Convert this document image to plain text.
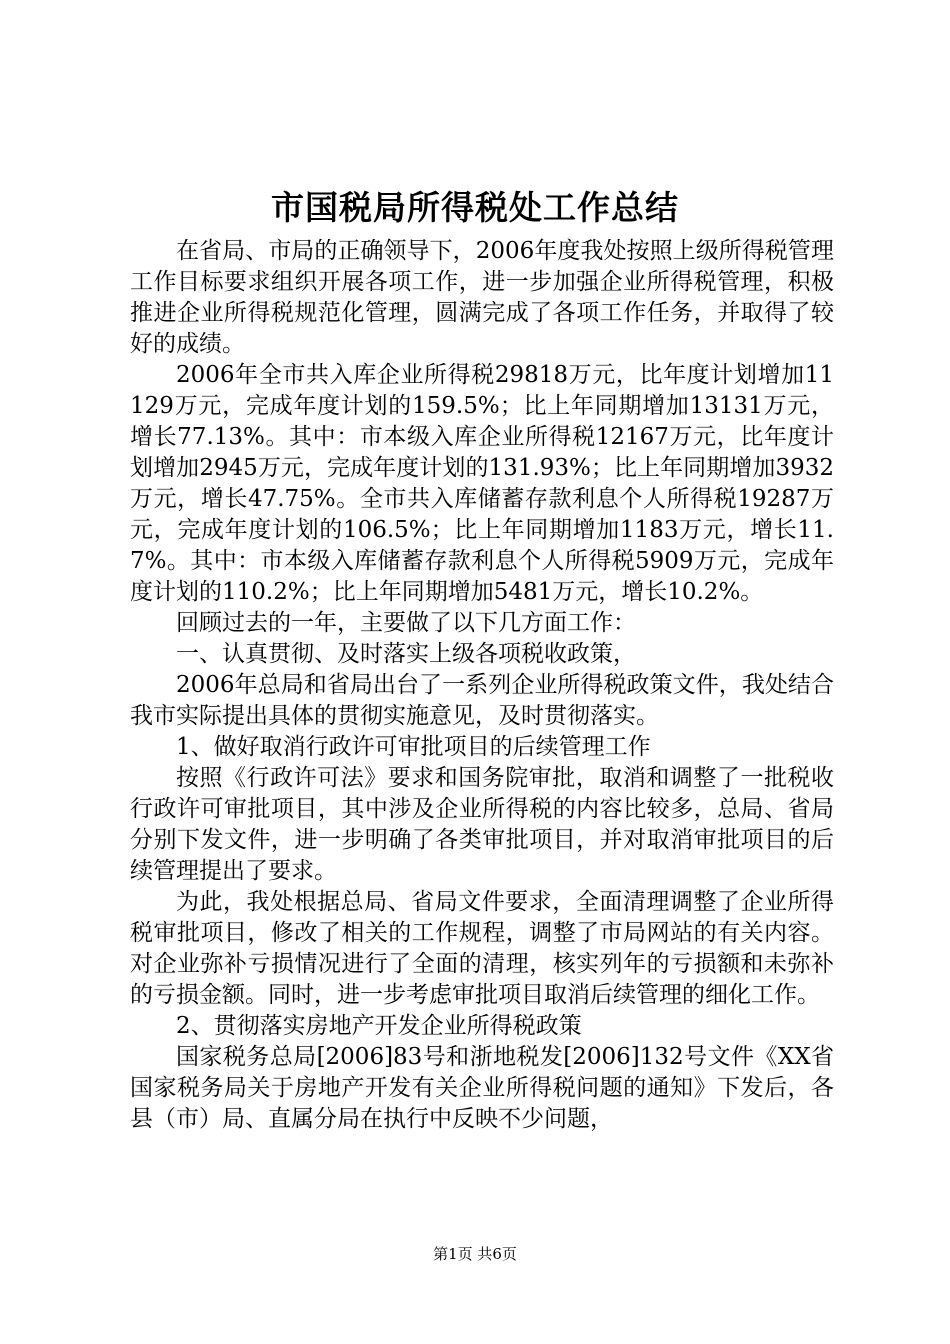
市国税局所得税处工作总结

在省局、市局的正确领导下，2006年度我处按照上级所得税管理工作目标要求组织开展各项工作，进一步加强企业所得税管理，积极推进企业所得税规范化管理，圆满完成了各项工作任务，并取得了较好的成绩。

2006年全市共入库企业所得税29818万元，比年度计划增加11129万元，完成年度计划的159.5%；比上年同期增加13131万元，增长77.13%。其中：市本级入库企业所得税12167万元，比年度计划增加2945万元，完成年度计划的131.93%；比上年同期增加3932万元，增长47.75%。全市共入库储蓄存款利息个人所得税19287万元，完成年度计划的106.5%；比上年同期增加1183万元，增长11.7%。其中：市本级入库储蓄存款利息个人所得税5909万元，完成年度计划的110.2%；比上年同期增加5481万元，增长10.2%。

回顾过去的一年，主要做了以下几方面工作：

一、认真贯彻、及时落实上级各项税收政策，

2006年总局和省局出台了一系列企业所得税政策文件，我处结合我市实际提出具体的贯彻实施意见，及时贯彻落实。

1、做好取消行政许可审批项目的后续管理工作

按照《行政许可法》要求和国务院审批，取消和调整了一批税收行政许可审批项目，其中涉及企业所得税的内容比较多，总局、省局分别下发文件，进一步明确了各类审批项目，并对取消审批项目的后续管理提出了要求。

为此，我处根据总局、省局文件要求，全面清理调整了企业所得税审批项目，修改了相关的工作规程，调整了市局网站的有关内容。对企业弥补亏损情况进行了全面的清理，核实列年的亏损额和未弥补的亏损金额。同时，进一步考虑审批项目取消后续管理的细化工作。

2、贯彻落实房地产开发企业所得税政策

国家税务总局[2006]83号和浙地税发[2006]132号文件《XX省国家税务局关于房地产开发有关企业所得税问题的通知》下发后，各县（市）局、直属分局在执行中反映不少问题，

第1页 共6页
